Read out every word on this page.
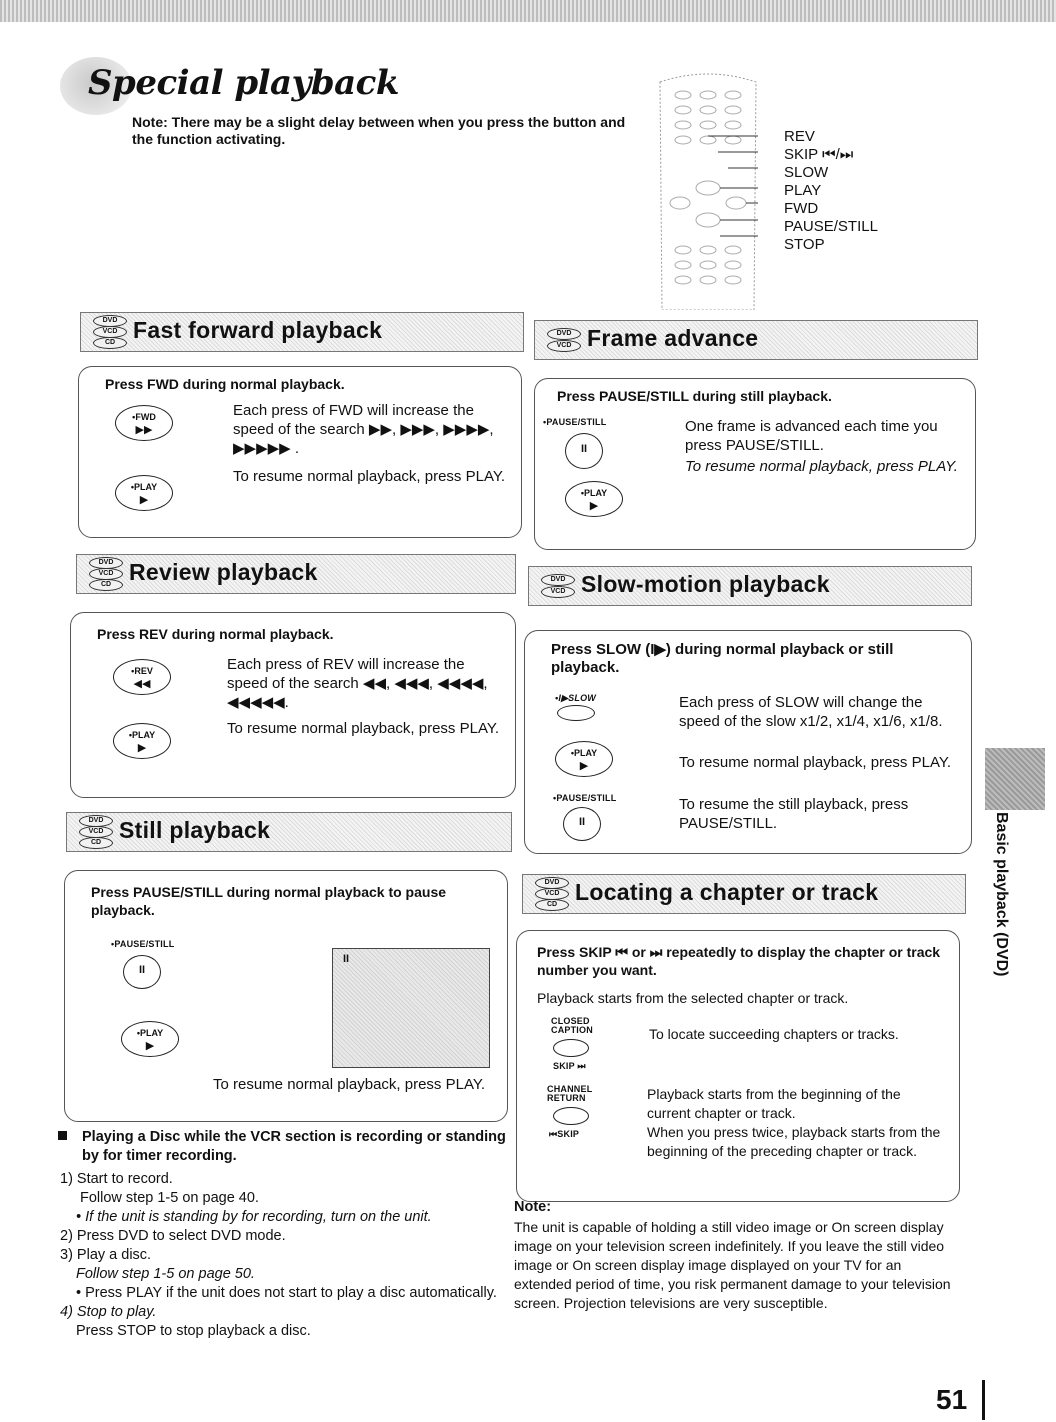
Special playback
Note: There may be a slight delay between when you press the button and the function activating.	REV
SKIP ⏮/⏭
SLOW
PLAY
FWD
PAUSE/STILL
STOP
DVD
VCD
CD Fast forward playback
Press FWD during normal playback.
•FWD
▶▶
•PLAY
▶
Each press of FWD will increase the speed of the search ▶▶, ▶▶▶, ▶▶▶▶, ▶▶▶▶▶ .
To resume normal playback, press PLAY.
DVD
VCD Frame advance
Press PAUSE/STILL during still playback.
•PAUSE/STILL
II
•PLAY
▶
One frame is advanced each time you press PAUSE/STILL.
To resume normal playback, press PLAY.
DVD
VCD
CD Review playback
Press REV during normal playback.
•REV
◀◀
•PLAY
▶
Each press of REV will increase the speed of the search ◀◀, ◀◀◀, ◀◀◀◀, ◀◀◀◀◀.
To resume normal playback, press PLAY.
DVD
VCD Slow-motion playback
Press SLOW (I▶) during normal playback or still playback.
•I▶SLOW
•PLAY
▶
•PAUSE/STILL
II
Each press of SLOW will change the speed of the slow x1/2, x1/4, x1/6, x1/8.
To resume normal playback, press PLAY.
To resume the still playback, press PAUSE/STILL.
DVD
VCD
CD Still playback
Press PAUSE/STILL during normal playback to pause playback.
•PAUSE/STILL
II
•PLAY
▶
To resume normal playback, press PLAY.
II
Playing a Disc while the VCR section is recording or standing by for timer recording.
1) Start to record.
Follow step 1-5 on page 40.
• If the unit is standing by for recording, turn on the unit.
2) Press DVD to select DVD mode.
3) Play a disc.
Follow step 1-5 on page 50.
• Press PLAY if the unit does not start to play a disc automatically.
4) Stop to play.
Press STOP to stop playback a disc.
DVD
VCD
CD Locating a chapter or track
Press SKIP ⏮ or ⏭ repeatedly to display the chapter or track number you want.
Playback starts from the selected chapter or track.
CLOSED CAPTION
SKIP ⏭
CHANNEL RETURN
⏮SKIP
To locate succeeding chapters or tracks.
Playback starts from the beginning of the current chapter or track.
When you press twice, playback starts from the beginning of the preceding chapter or track.
Note:
The unit is capable of holding a still video image or On screen display image on your television screen indefinitely. If you leave the still video image or On screen display image displayed on your TV for an extended period of time, you risk permanent damage to your television screen. Projection televisions are very susceptible.
Basic playback (DVD)
51
